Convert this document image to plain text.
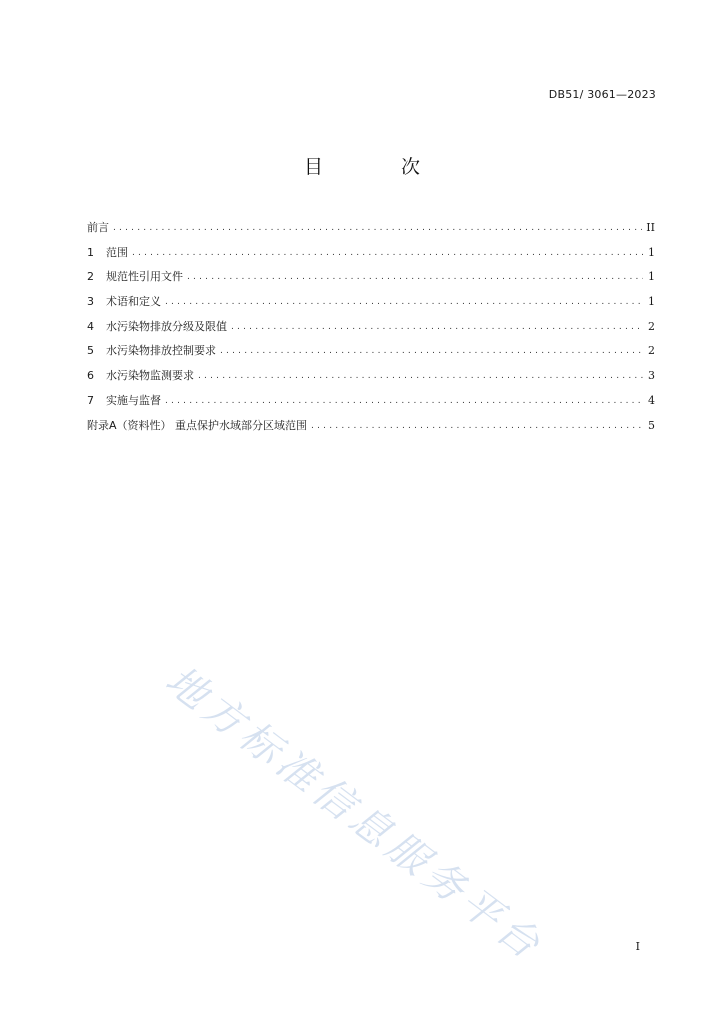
DB51/ 3061—2023
目 次
前言 .....	II
1	范围 .....	1
2	规范性引用文件 .....	1
3	术语和定义 .....	1
4	水污染物排放分级及限值 .....	2
5	水污染物排放控制要求 .....	2
6	水污染物监测要求 .....	3
7	实施与监督 .....	4
附录A（资料性） 重点保护水域部分区域范围 .....	5
地方标准信息服务平台	I
